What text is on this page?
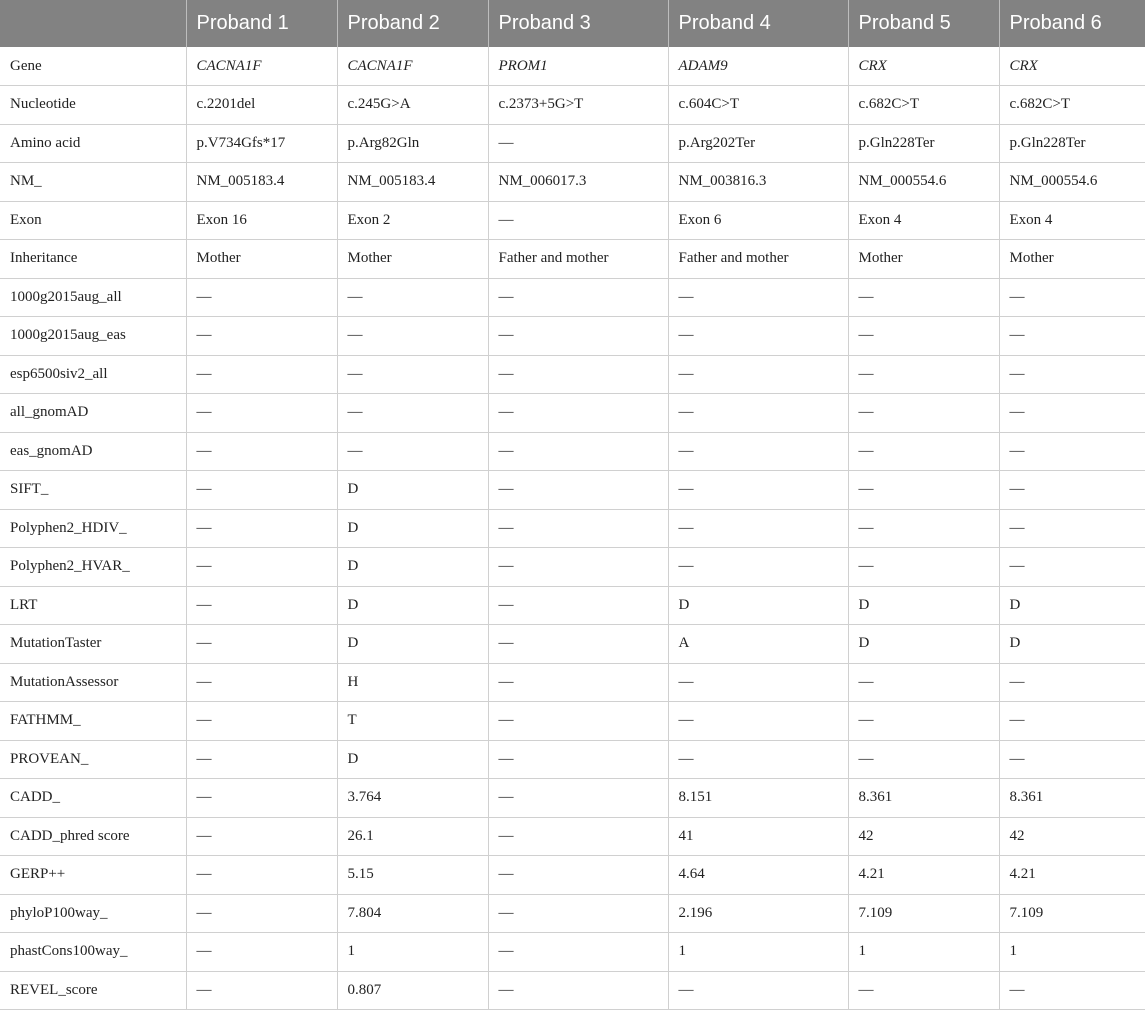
	Proband 1	Proband 2	Proband 3	Proband 4	Proband 5	Proband 6
Gene	CACNA1F	CACNA1F	PROM1	ADAM9	CRX	CRX
Nucleotide	c.2201del	c.245G>A	c.2373+5G>T	c.604C>T	c.682C>T	c.682C>T
Amino acid	p.V734Gfs*17	p.Arg82Gln	—	p.Arg202Ter	p.Gln228Ter	p.Gln228Ter
NM_	NM_005183.4	NM_005183.4	NM_006017.3	NM_003816.3	NM_000554.6	NM_000554.6
Exon	Exon 16	Exon 2	—	Exon 6	Exon 4	Exon 4
Inheritance	Mother	Mother	Father and mother	Father and mother	Mother	Mother
1000g2015aug_all	—	—	—	—	—	—
1000g2015aug_eas	—	—	—	—	—	—
esp6500siv2_all	—	—	—	—	—	—
all_gnomAD	—	—	—	—	—	—
eas_gnomAD	—	—	—	—	—	—
SIFT_	—	D	—	—	—	—
Polyphen2_HDIV_	—	D	—	—	—	—
Polyphen2_HVAR_	—	D	—	—	—	—
LRT	—	D	—	D	D	D
MutationTaster	—	D	—	A	D	D
MutationAssessor	—	H	—	—	—	—
FATHMM_	—	T	—	—	—	—
PROVEAN_	—	D	—	—	—	—
CADD_	—	3.764	—	8.151	8.361	8.361
CADD_phred score	—	26.1	—	41	42	42
GERP++	—	5.15	—	4.64	4.21	4.21
phyloP100way_	—	7.804	—	2.196	7.109	7.109
phastCons100way_	—	1	—	1	1	1
REVEL_score	—	0.807	—	—	—	—
